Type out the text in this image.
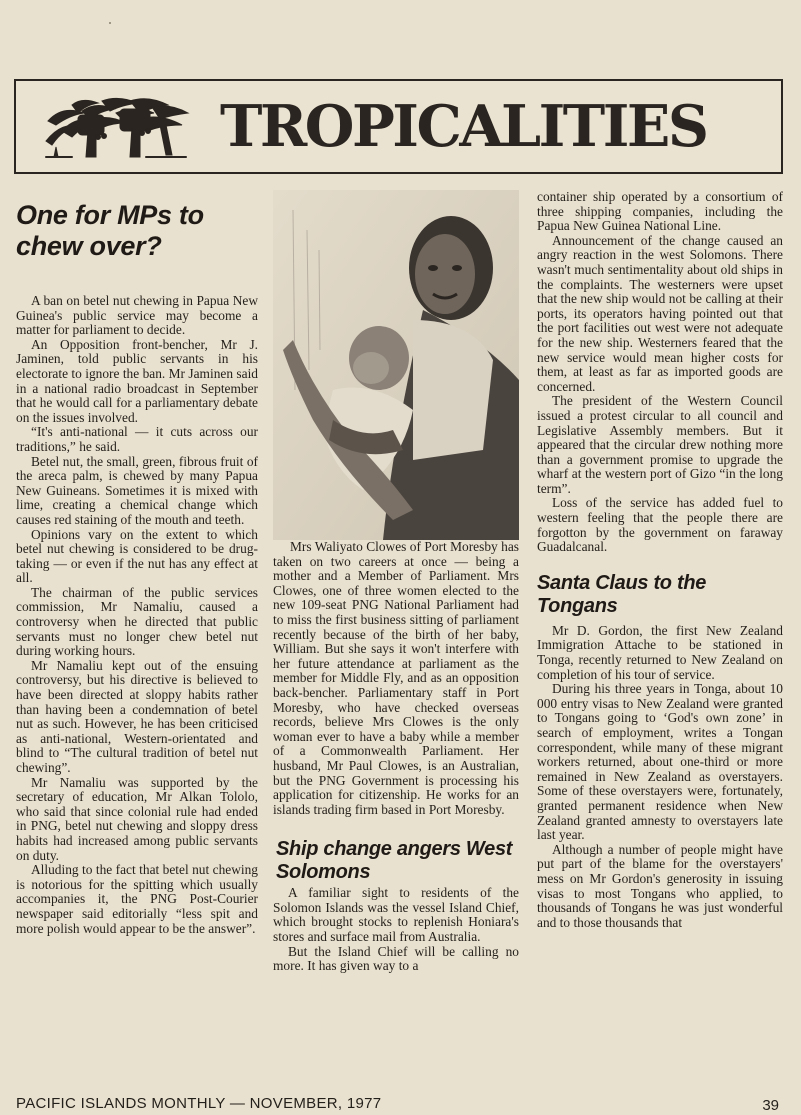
TROPICALITIES
One for MPs to chew over?

A ban on betel nut chewing in Papua New Guinea's public service may become a matter for parliament to decide.

An Opposition front-bencher, Mr J. Jaminen, told public servants in his electorate to ignore the ban. Mr Jaminen said in a national radio broadcast in September that he would call for a parliamentary debate on the issues involved.

“It's anti-national — it cuts across our traditions,” he said.

Betel nut, the small, green, fibrous fruit of the areca palm, is chewed by many Papua New Guineans. Sometimes it is mixed with lime, creating a chemical change which causes red staining of the mouth and teeth.

Opinions vary on the extent to which betel nut chewing is considered to be drug-taking — or even if the nut has any effect at all.

The chairman of the public services commission, Mr Namaliu, caused a controversy when he directed that public servants must no longer chew betel nut during working hours.

Mr Namaliu kept out of the ensuing controversy, but his directive is believed to have been directed at sloppy habits rather than having been a condemnation of betel nut as such. However, he has been criticised as anti-national, Western-orientated and blind to “The cultural tradition of betel nut chewing”.

Mr Namaliu was supported by the secretary of education, Mr Alkan Tololo, who said that since colonial rule had ended in PNG, betel nut chewing and sloppy dress habits had increased among public servants on duty.

Alluding to the fact that betel nut chewing is notorious for the spitting which usually accompanies it, the PNG Post-Courier newspaper said editorially “less spit and more polish would appear to be the answer”.

Mrs Waliyato Clowes of Port Moresby has taken on two careers at once — being a mother and a Member of Parliament. Mrs Clowes, one of three women elected to the new 109-seat PNG National Parliament had to miss the first business sitting of parliament recently because of the birth of her baby, William. But she says it won't interfere with her future attendance at parliament as the member for Middle Fly, and as an opposition back-bencher. Parliamentary staff in Port Moresby, who have checked overseas records, believe Mrs Clowes is the only woman ever to have a baby while a member of a Commonwealth Parliament. Her husband, Mr Paul Clowes, is an Australian, but the PNG Government is processing his application for citizenship. He works for an islands trading firm based in Port Moresby.

Ship change angers West Solomons

A familiar sight to residents of the Solomon Islands was the vessel Island Chief, which brought stocks to replenish Honiara's stores and surface mail from Australia.

But the Island Chief will be calling no more. It has given way to a

container ship operated by a consortium of three shipping companies, including the Papua New Guinea National Line.

Announcement of the change caused an angry reaction in the west Solomons. There wasn't much sentimentality about old ships in the complaints. The westerners were upset that the new ship would not be calling at their ports, its operators having pointed out that the port facilities out west were not adequate for the new ship. Westerners feared that the new service would mean higher costs for them, at least as far as imported goods are concerned.

The president of the Western Council issued a protest circular to all council and Legislative Assembly members. But it appeared that the circular drew nothing more than a government promise to upgrade the wharf at the western port of Gizo “in the long term”.

Loss of the service has added fuel to western feeling that the people there are forgotton by the government on faraway Guadalcanal.

Santa Claus to the Tongans

Mr D. Gordon, the first New Zealand Immigration Attache to be stationed in Tonga, recently returned to New Zealand on completion of his tour of service.

During his three years in Tonga, about 10 000 entry visas to New Zealand were granted to Tongans going to ‘God's own zone’ in search of employment, writes a Tongan correspondent, while many of these migrant workers returned, about one-third or more remained in New Zealand as overstayers. Some of these overstayers were, fortunately, granted permanent residence when New Zealand granted amnesty to overstayers late last year.

Although a number of people might have put part of the blame for the overstayers' mess on Mr Gordon's generosity in issuing visas to most Tongans who applied, to thousands of Tongans he was just wonderful and to those thousands that

PACIFIC ISLANDS MONTHLY — NOVEMBER, 1977	39
